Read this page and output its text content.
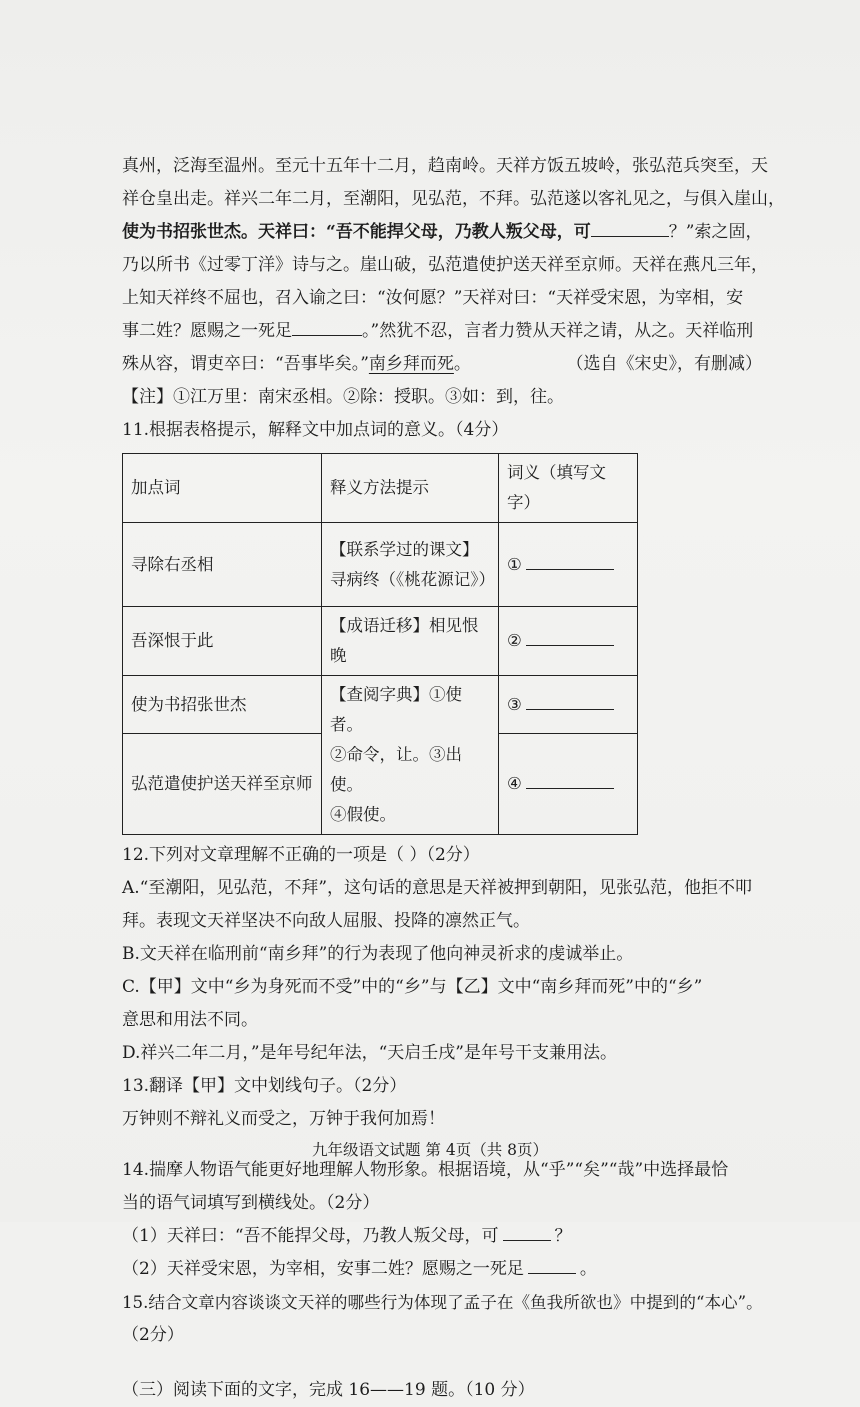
真州，泛海至温州。至元十五年十二月，趋南岭。天祥方饭五坡岭，张弘范兵突至，天

祥仓皇出走。祥兴二年二月，至潮阳，见弘范，不拜。弘范遂以客礼见之，与俱入崖山，

使为书招张世杰。天祥曰：“吾不能捍父母，乃教人叛父母，可	？”索之固，

乃以所书《过零丁洋》诗与之。崖山破，弘范遣使护送天祥至京师。天祥在燕凡三年，

上知天祥终不屈也，召入谕之曰：“汝何愿？”天祥对曰：“天祥受宋恩，为宰相，安

事二姓？愿赐之一死足	。”然犹不忍，言者力赞从天祥之请，从之。天祥临刑

殊从容，谓吏卒曰：“吾事毕矣。”南乡拜而死。	（选自《宋史》，有删减）

【注】①江万里：南宋丞相。②除：授职。③如：到，往。

11.根据表格提示，解释文中加点词的意义。（4分）

加点词	释义方法提示	词义（填写文字）
寻除右丞相	【联系学过的课文】
寻病终（《桃花源记》）	①
吾深恨于此	【成语迁移】相见恨晚	②
使为书招张世杰	【查阅字典】①使者。
②命令，让。③出使。
④假使。	③
弘范遣使护送天祥至京师		④

12.下列对文章理解不正确的一项是（ ）（2分）

A.“至潮阳，见弘范，不拜”，这句话的意思是天祥被押到朝阳，见张弘范，他拒不叩

拜。表现文天祥坚决不向敌人屈服、投降的凛然正气。

B.文天祥在临刑前“南乡拜”的行为表现了他向神灵祈求的虔诚举止。

C.【甲】文中“乡为身死而不受”中的“乡”与【乙】文中“南乡拜而死”中的“乡”

意思和用法不同。

D.祥兴二年二月，”是年号纪年法，“天启壬戌”是年号干支兼用法。

13.翻译【甲】文中划线句子。（2分）

万钟则不辩礼义而受之，万钟于我何加焉！

14.揣摩人物语气能更好地理解人物形象。根据语境，从“乎”“矣”“哉”中选择最恰

当的语气词填写到横线处。（2分）

（1）天祥曰：“吾不能捍父母，乃教人叛父母，可	？

（2）天祥受宋恩，为宰相，安事二姓？愿赐之一死足	。

15.结合文章内容谈谈文天祥的哪些行为体现了孟子在《鱼我所欲也》中提到的“本心”。

（2分）

（三）阅读下面的文字，完成 16——19 题。（10 分）

九年级语文试题 第 4页（共 8页）
